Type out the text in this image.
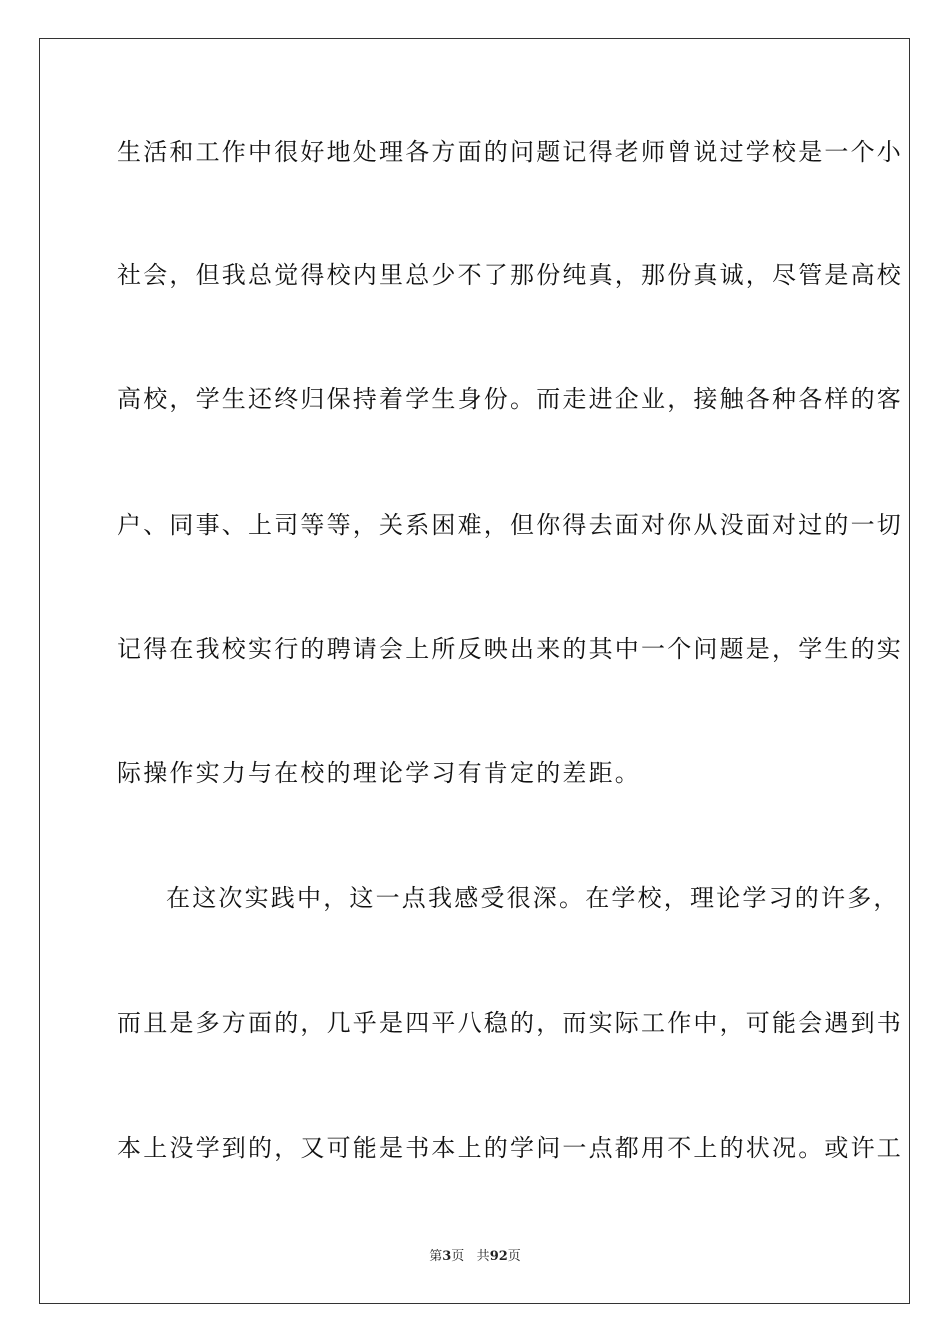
生活和工作中很好地处理各方面的问题记得老师曾说过学校是一个小
社会，但我总觉得校内里总少不了那份纯真，那份真诚，尽管是高校
高校，学生还终归保持着学生身份。而走进企业，接触各种各样的客
户、同事、上司等等，关系困难，但你得去面对你从没面对过的一切
记得在我校实行的聘请会上所反映出来的其中一个问题是，学生的实
际操作实力与在校的理论学习有肯定的差距。
在这次实践中，这一点我感受很深。在学校，理论学习的许多，
而且是多方面的，几乎是四平八稳的，而实际工作中，可能会遇到书
本上没学到的，又可能是书本上的学问一点都用不上的状况。或许工
第3页 共92页
